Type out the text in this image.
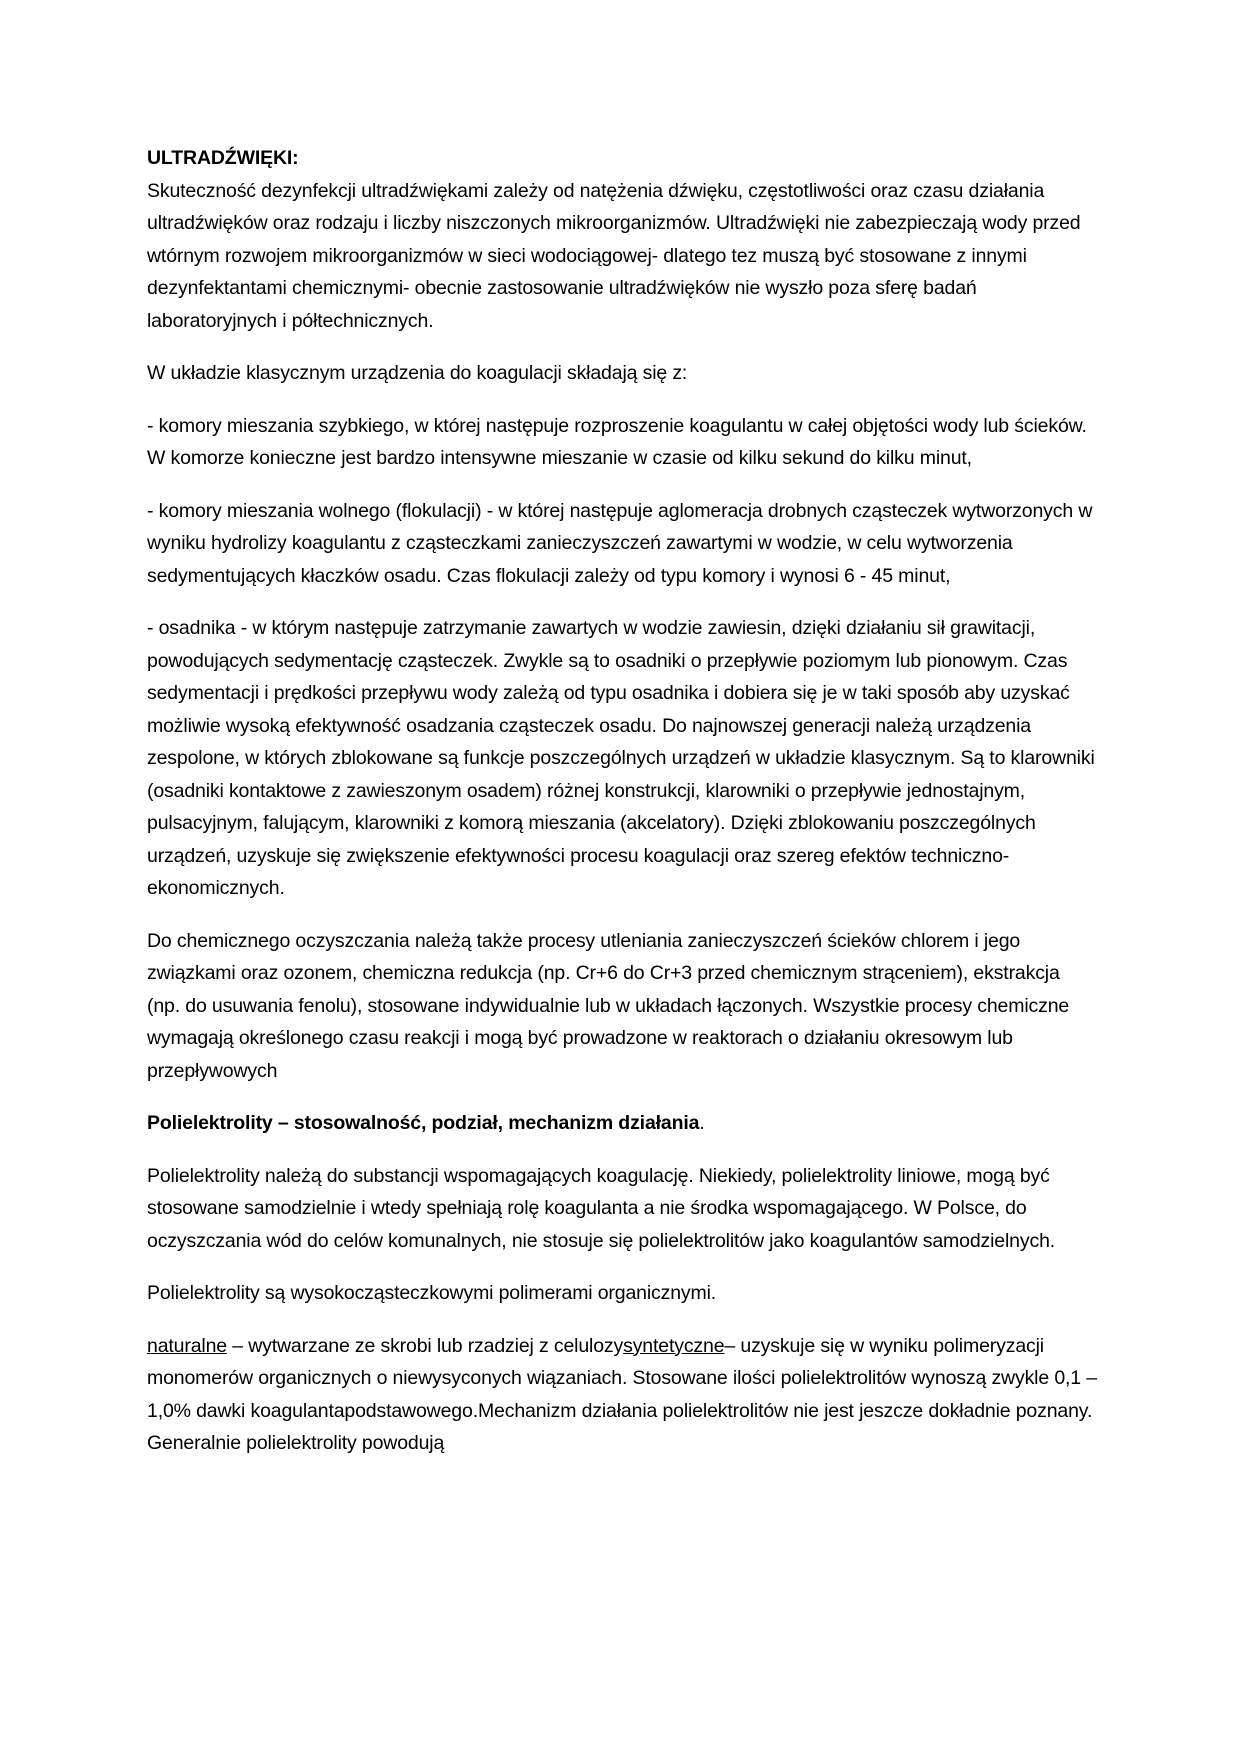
ULTRADŹWIĘKI:
Skuteczność dezynfekcji ultradźwiękami zależy od natężenia dźwięku, częstotliwości oraz czasu działania ultradźwięków oraz rodzaju i liczby niszczonych mikroorganizmów. Ultradźwięki nie zabezpieczają wody przed wtórnym rozwojem mikroorganizmów w sieci wodociągowej- dlatego tez muszą być stosowane z innymi dezynfektantami chemicznymi- obecnie zastosowanie ultradźwięków nie wyszło poza sferę badań laboratoryjnych i półtechnicznych.

W układzie klasycznym urządzenia do koagulacji składają się z:

- komory mieszania szybkiego, w której następuje rozproszenie koagulantu w całej objętości wody lub ścieków. W komorze konieczne jest bardzo intensywne mieszanie w czasie od kilku sekund do kilku minut,

- komory mieszania wolnego (flokulacji) - w której następuje aglomeracja drobnych cząsteczek wytworzonych w wyniku hydrolizy koagulantu z cząsteczkami zanieczyszczeń zawartymi w wodzie, w celu wytworzenia sedymentujących kłaczków osadu. Czas flokulacji zależy od typu komory i wynosi 6 - 45 minut,

- osadnika - w którym następuje zatrzymanie zawartych w wodzie zawiesin, dzięki działaniu sił grawitacji, powodujących sedymentację cząsteczek. Zwykle są to osadniki o przepływie poziomym lub pionowym. Czas sedymentacji i prędkości przepływu wody zależą od typu osadnika i dobiera się je w taki sposób aby uzyskać możliwie wysoką efektywność osadzania cząsteczek osadu. Do najnowszej generacji należą urządzenia zespolone, w których zblokowane są funkcje poszczególnych urządzeń w układzie klasycznym. Są to klarowniki (osadniki kontaktowe z zawieszonym osadem) różnej konstrukcji, klarowniki o przepływie jednostajnym, pulsacyjnym, falującym, klarowniki z komorą mieszania (akcelatory). Dzięki zblokowaniu poszczególnych urządzeń, uzyskuje się zwiększenie efektywności procesu koagulacji oraz szereg efektów techniczno-ekonomicznych.

Do chemicznego oczyszczania należą także procesy utleniania zanieczyszczeń ścieków chlorem i jego związkami oraz ozonem, chemiczna redukcja (np. Cr+6 do Cr+3 przed chemicznym strąceniem), ekstrakcja (np. do usuwania fenolu), stosowane indywidualnie lub w układach łączonych. Wszystkie procesy chemiczne wymagają określonego czasu reakcji i mogą być prowadzone w reaktorach o działaniu okresowym lub przepływowych

Polielektrolity – stosowalność, podział, mechanizm działania.

Polielektrolity należą do substancji wspomagających koagulację. Niekiedy, polielektrolity liniowe, mogą być stosowane samodzielnie i wtedy spełniają rolę koagulanta a nie środka wspomagającego. W Polsce, do oczyszczania wód do celów komunalnych, nie stosuje się polielektrolitów jako koagulantów samodzielnych.

Polielektrolity są wysokocząsteczkowymi polimerami organicznymi.

naturalne – wytwarzane ze skrobi lub rzadziej z celulozysyntetyczne– uzyskuje się w wyniku polimeryzacji monomerów organicznych o niewysyconych wiązaniach. Stosowane ilości polielektrolitów wynoszą zwykle 0,1 – 1,0% dawki koagulantapodstawowego.Mechanizm działania polielektrolitów nie jest jeszcze dokładnie poznany. Generalnie polielektrolity powodują
